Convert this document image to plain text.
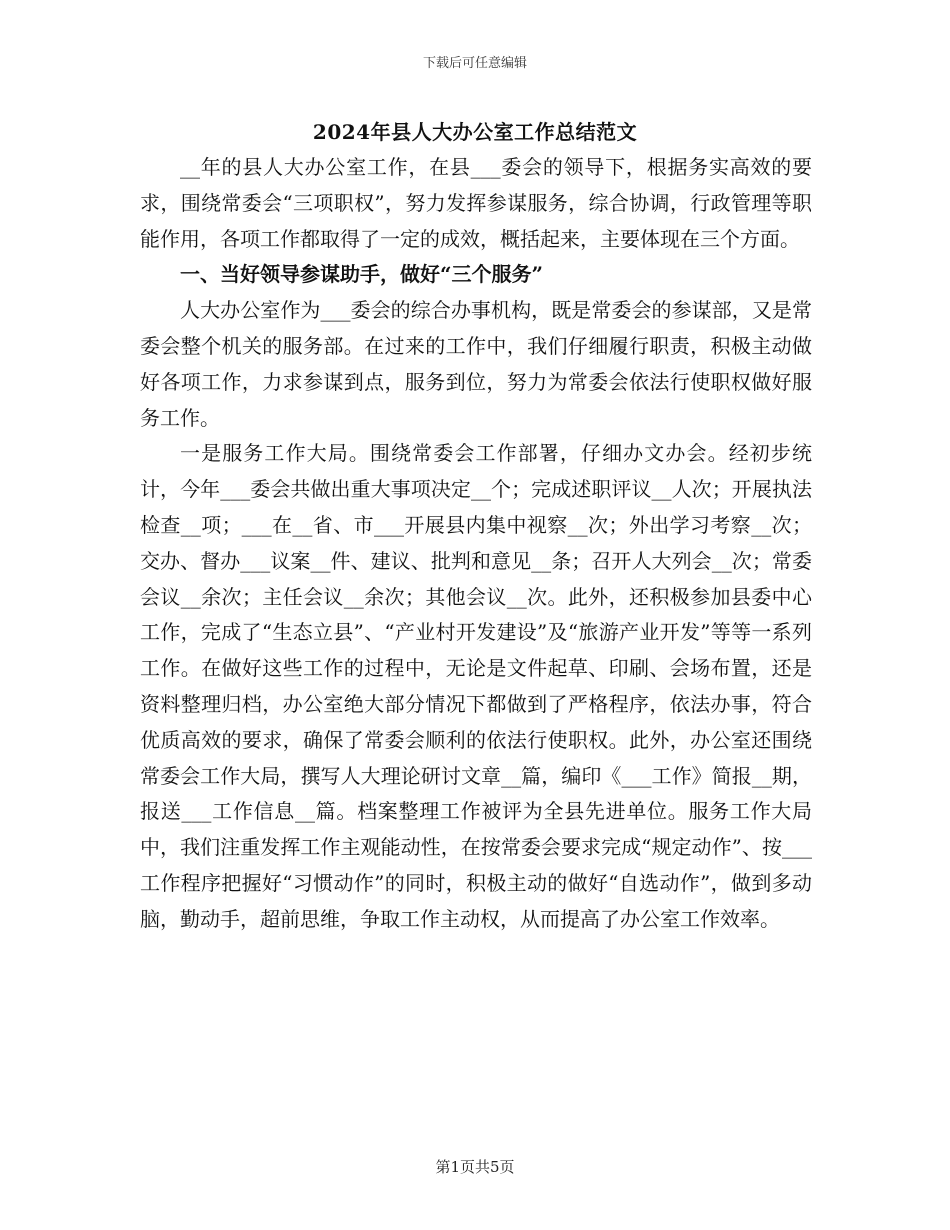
下载后可任意编辑
2024年县人大办公室工作总结范文

__年的县人大办公室工作，在县___委会的领导下，根据务实高效的要求，围绕常委会“三项职权”，努力发挥参谋服务，综合协调，行政管理等职能作用，各项工作都取得了一定的成效，概括起来，主要体现在三个方面。

一、当好领导参谋助手，做好“三个服务”

人大办公室作为___委会的综合办事机构，既是常委会的参谋部，又是常委会整个机关的服务部。在过来的工作中，我们仔细履行职责，积极主动做好各项工作，力求参谋到点，服务到位，努力为常委会依法行使职权做好服务工作。

一是服务工作大局。围绕常委会工作部署，仔细办文办会。经初步统计，今年___委会共做出重大事项决定__个；完成述职评议__人次；开展执法检查__项；___在__省、市___开展县内集中视察__次；外出学习考察__次；交办、督办___议案__件、建议、批判和意见__条；召开人大列会__次；常委会议__余次；主任会议__余次；其他会议__次。此外，还积极参加县委中心工作，完成了“生态立县”、“产业村开发建设”及“旅游产业开发”等等一系列工作。在做好这些工作的过程中，无论是文件起草、印刷、会场布置，还是资料整理归档，办公室绝大部分情况下都做到了严格程序，依法办事，符合优质高效的要求，确保了常委会顺利的依法行使职权。此外，办公室还围绕常委会工作大局，撰写人大理论研讨文章__篇，编印《___工作》简报__期，报送___工作信息__篇。档案整理工作被评为全县先进单位。服务工作大局中，我们注重发挥工作主观能动性，在按常委会要求完成“规定动作”、按___工作程序把握好“习惯动作”的同时，积极主动的做好“自选动作”，做到多动脑，勤动手，超前思维，争取工作主动权，从而提高了办公室工作效率。

第1页共5页
